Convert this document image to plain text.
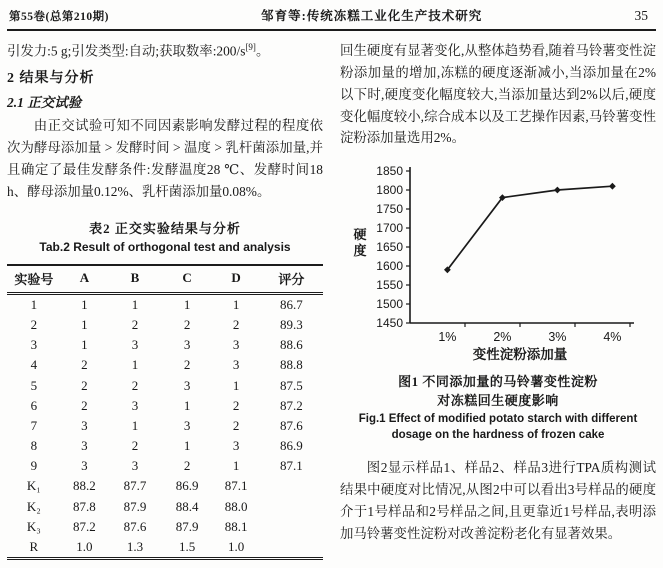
第55卷(总第210期)	邹育等:传统冻糕工业化生产技术研究	35

引发力:5 g;引发类型:自动;获取数率:200/s[9]。

2 结果与分析
2.1 正交试验

由正交试验可知不同因素影响发酵过程的程度依次为酵母添加量 > 发酵时间 > 温度 > 乳杆菌添加量,并且确定了最佳发酵条件:发酵温度28 ℃、发酵时间18 h、酵母添加量0.12%、乳杆菌添加量0.08%。

表2 正交实验结果与分析
Tab.2 Result of orthogonal test and analysis
实验号	A	B	C	D	评分
1	1	1	1	1	86.7
2	1	2	2	2	89.3
3	1	3	3	3	88.6
4	2	1	2	3	88.8
5	2	2	3	1	87.5
6	2	3	1	2	87.2
7	3	1	3	2	87.6
8	3	2	1	3	86.9
9	3	3	2	1	87.1
K₁	88.2	87.7	86.9	87.1	
K₂	87.8	87.9	88.4	88.0	
K₃	87.2	87.6	87.9	88.1	
R	1.0	1.3	1.5	1.0	

回生硬度有显著变化,从整体趋势看,随着马铃薯变性淀粉添加量的增加,冻糕的硬度逐渐减小,当添加量在2%以下时,硬度变化幅度较大,当添加量达到2%以后,硬度变化幅度较小,综合成本以及工艺操作因素,马铃薯变性淀粉添加量选用2%。

1450
1500
1550
1600
1650
1700
1750
1800
1850
1%	2%	3%	4%
变性淀粉添加量
硬
度
图1 不同添加量的马铃薯变性淀粉
对冻糕回生硬度影响
Fig.1 Effect of modified potato starch with different
dosage on the hardness of frozen cake

图2显示样品1、样品2、样品3进行TPA质构测试结果中硬度对比情况,从图2中可以看出3号样品的硬度介于1号样品和2号样品之间,且更靠近1号样品,表明添加马铃薯变性淀粉对改善淀粉老化有显著效果。
